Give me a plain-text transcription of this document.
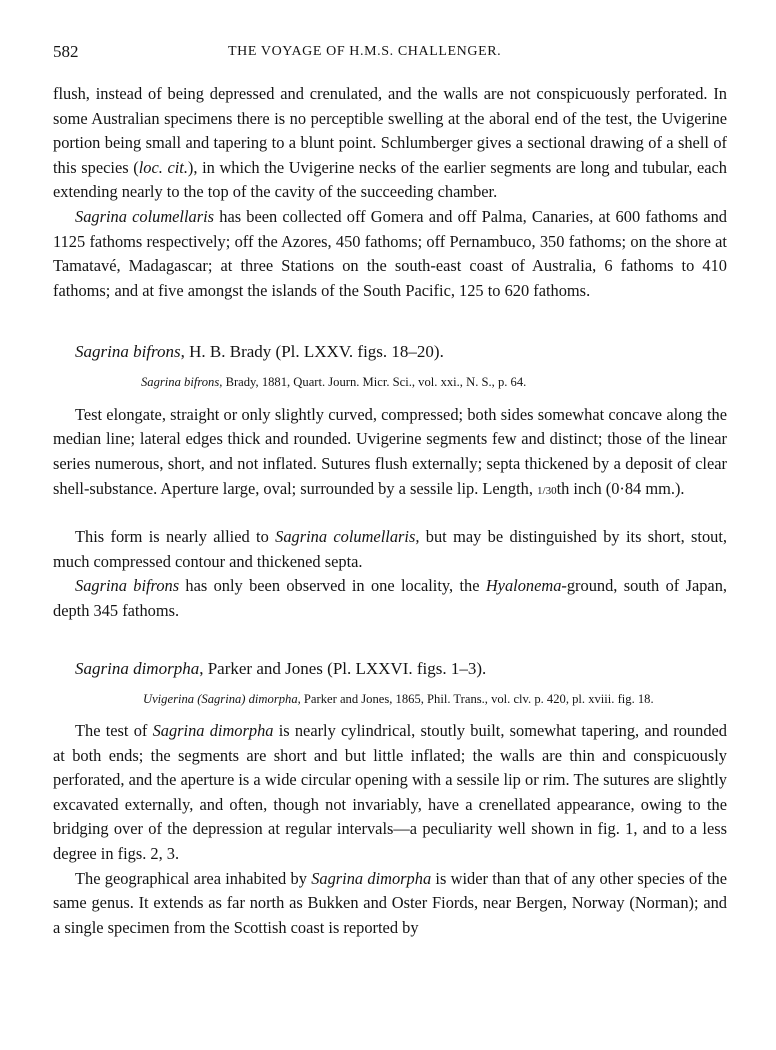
582	THE VOYAGE OF H.M.S. CHALLENGER.

flush, instead of being depressed and crenulated, and the walls are not conspicuously perforated. In some Australian specimens there is no perceptible swelling at the aboral end of the test, the Uvigerine portion being small and tapering to a blunt point. Schlumberger gives a sectional drawing of a shell of this species (loc. cit.), in which the Uvigerine necks of the earlier segments are long and tubular, each extending nearly to the top of the cavity of the succeeding chamber.

Sagrina columellaris has been collected off Gomera and off Palma, Canaries, at 600 fathoms and 1125 fathoms respectively; off the Azores, 450 fathoms; off Pernambuco, 350 fathoms; on the shore at Tamatavé, Madagascar; at three Stations on the south-east coast of Australia, 6 fathoms to 410 fathoms; and at five amongst the islands of the South Pacific, 125 to 620 fathoms.

Sagrina bifrons, H. B. Brady (Pl. LXXV. figs. 18–20).
Sagrina bifrons, Brady, 1881, Quart. Journ. Micr. Sci., vol. xxi., N. S., p. 64.

Test elongate, straight or only slightly curved, compressed; both sides somewhat concave along the median line; lateral edges thick and rounded. Uvigerine segments few and distinct; those of the linear series numerous, short, and not inflated. Sutures flush externally; septa thickened by a deposit of clear shell-substance. Aperture large, oval; surrounded by a sessile lip. Length, 1/30th inch (0·84 mm.).

This form is nearly allied to Sagrina columellaris, but may be distinguished by its short, stout, much compressed contour and thickened septa.

Sagrina bifrons has only been observed in one locality, the Hyalonema-ground, south of Japan, depth 345 fathoms.

Sagrina dimorpha, Parker and Jones (Pl. LXXVI. figs. 1–3).
Uvigerina (Sagrina) dimorpha, Parker and Jones, 1865, Phil. Trans., vol. clv. p. 420, pl. xviii. fig. 18.

The test of Sagrina dimorpha is nearly cylindrical, stoutly built, somewhat tapering, and rounded at both ends; the segments are short and but little inflated; the walls are thin and conspicuously perforated, and the aperture is a wide circular opening with a sessile lip or rim. The sutures are slightly excavated externally, and often, though not invariably, have a crenellated appearance, owing to the bridging over of the depression at regular intervals—a peculiarity well shown in fig. 1, and to a less degree in figs. 2, 3.

The geographical area inhabited by Sagrina dimorpha is wider than that of any other species of the same genus. It extends as far north as Bukken and Oster Fiords, near Bergen, Norway (Norman); and a single specimen from the Scottish coast is reported by
